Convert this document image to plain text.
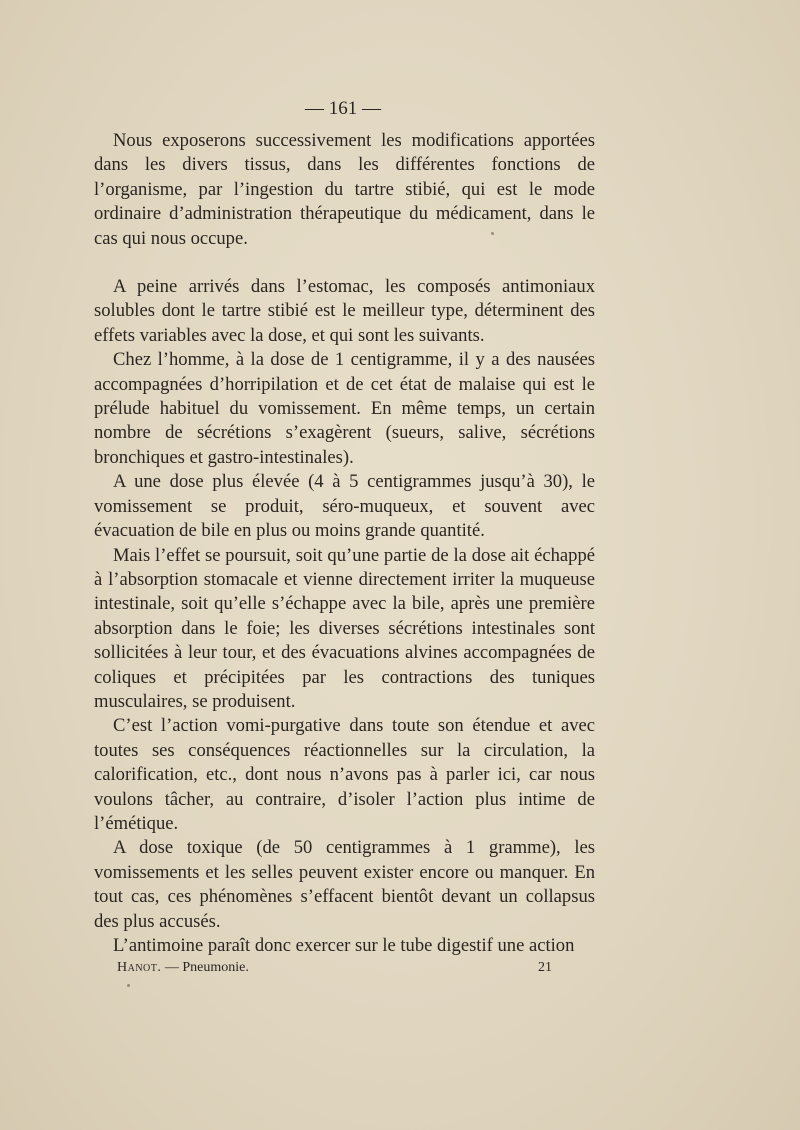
— 161 —

Nous exposerons successivement les modifications apportées dans les divers tissus, dans les différentes fonctions de l’organisme, par l’ingestion du tartre stibié, qui est le mode ordinaire d’administration thérapeutique du médicament, dans le cas qui nous occupe.

A peine arrivés dans l’estomac, les composés antimoniaux solubles dont le tartre stibié est le meilleur type, déterminent des effets variables avec la dose, et qui sont les suivants.

Chez l’homme, à la dose de 1 centigramme, il y a des nausées accompagnées d’horripilation et de cet état de malaise qui est le prélude habituel du vomissement. En même temps, un certain nombre de sécrétions s’exagèrent (sueurs, salive, sécrétions bronchiques et gastro-intestinales).

A une dose plus élevée (4 à 5 centigrammes jusqu’à 30), le vomissement se produit, séro-muqueux, et souvent avec évacuation de bile en plus ou moins grande quantité.

Mais l’effet se poursuit, soit qu’une partie de la dose ait échappé à l’absorption stomacale et vienne directement irriter la muqueuse intestinale, soit qu’elle s’échappe avec la bile, après une première absorption dans le foie; les diverses sécrétions intestinales sont sollicitées à leur tour, et des évacuations alvines accompagnées de coliques et précipitées par les contractions des tuniques musculaires, se produisent.

C’est l’action vomi-purgative dans toute son étendue et avec toutes ses conséquences réactionnelles sur la circulation, la calorification, etc., dont nous n’avons pas à parler ici, car nous voulons tâcher, au contraire, d’isoler l’action plus intime de l’émétique.

A dose toxique (de 50 centigrammes à 1 gramme), les vomissements et les selles peuvent exister encore ou manquer. En tout cas, ces phénomènes s’effacent bientôt devant un collapsus des plus accusés.

L’antimoine paraît donc exercer sur le tube digestif une action

Hanot. — Pneumonie.	21
